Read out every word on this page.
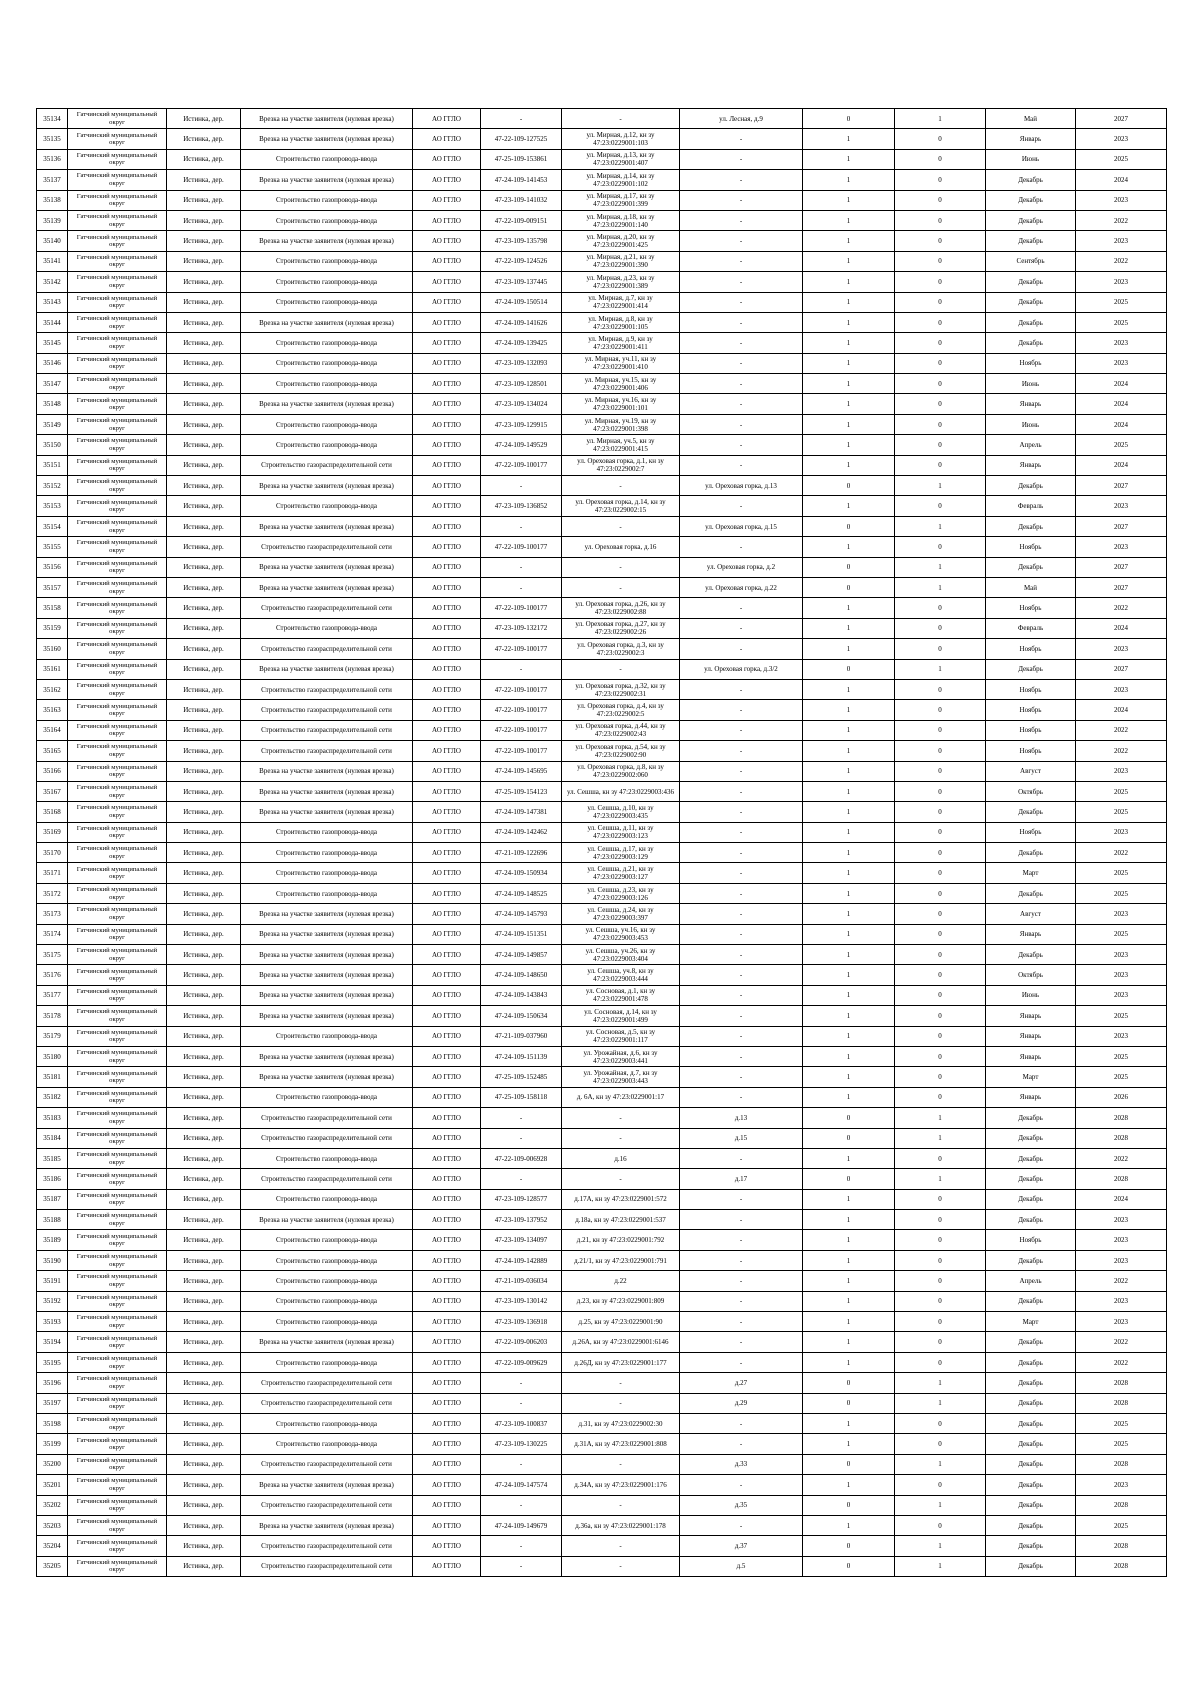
35134	Гатчинский муниципальный округ	Истинка, дер.	Врезка на участке заявителя (нулевая врезка)	АО ГГЛО	-	-	ул. Лесная, д.9	0	1	Май	2027
35135	Гатчинский муниципальный округ	Истинка, дер.	Врезка на участке заявителя (нулевая врезка)	АО ГГЛО	47-22-109-127525	ул. Мирная, д.12, кн зу 47:23:0229001:103	-	1	0	Январь	2023
35136	Гатчинский муниципальный округ	Истинка, дер.	Строительство газопровода-ввода	АО ГГЛО	47-25-109-153861	ул. Мирная, д.13, кн зу 47:23:0229001:407	-	1	0	Июнь	2025
35137	Гатчинский муниципальный округ	Истинка, дер.	Врезка на участке заявителя (нулевая врезка)	АО ГГЛО	47-24-109-141453	ул. Мирная, д.14, кн зу 47:23:0229001:102	-	1	0	Декабрь	2024
35138	Гатчинский муниципальный округ	Истинка, дер.	Строительство газопровода-ввода	АО ГГЛО	47-23-109-141032	ул. Мирная, д.17, кн зу 47:23:0229001:399	-	1	0	Декабрь	2023
35139	Гатчинский муниципальный округ	Истинка, дер.	Строительство газопровода-ввода	АО ГГЛО	47-22-109-009151	ул. Мирная, д.18, кн зу 47:23:0229001:140	-	1	0	Декабрь	2022
35140	Гатчинский муниципальный округ	Истинка, дер.	Врезка на участке заявителя (нулевая врезка)	АО ГГЛО	47-23-109-135798	ул. Мирная, д.20, кн зу 47:23:0229001:425	-	1	0	Декабрь	2023
35141	Гатчинский муниципальный округ	Истинка, дер.	Строительство газопровода-ввода	АО ГГЛО	47-22-109-124526	ул. Мирная, д.21, кн зу 47:23:0229001:390	-	1	0	Сентябрь	2022
35142	Гатчинский муниципальный округ	Истинка, дер.	Строительство газопровода-ввода	АО ГГЛО	47-23-109-137445	ул. Мирная, д.23, кн зу 47:23:0229001:389	-	1	0	Декабрь	2023
35143	Гатчинский муниципальный округ	Истинка, дер.	Строительство газопровода-ввода	АО ГГЛО	47-24-109-150514	ул. Мирная, д.7, кн зу 47:23:0229001:414	-	1	0	Декабрь	2025
35144	Гатчинский муниципальный округ	Истинка, дер.	Врезка на участке заявителя (нулевая врезка)	АО ГГЛО	47-24-109-141626	ул. Мирная, д.8, кн зу 47:23:0229001:105	-	1	0	Декабрь	2025
35145	Гатчинский муниципальный округ	Истинка, дер.	Строительство газопровода-ввода	АО ГГЛО	47-24-109-139425	ул. Мирная, д.9, кн зу 47:23:0229001:411	-	1	0	Декабрь	2023
35146	Гатчинский муниципальный округ	Истинка, дер.	Строительство газопровода-ввода	АО ГГЛО	47-23-109-132093	ул. Мирная, уч.11, кн зу 47:23:0229001:410	-	1	0	Ноябрь	2023
35147	Гатчинский муниципальный округ	Истинка, дер.	Строительство газопровода-ввода	АО ГГЛО	47-23-109-128501	ул. Мирная, уч.15, кн зу 47:23:0229001:406	-	1	0	Июнь	2024
35148	Гатчинский муниципальный округ	Истинка, дер.	Врезка на участке заявителя (нулевая врезка)	АО ГГЛО	47-23-109-134024	ул. Мирная, уч.16, кн зу 47:23:0229001:101	-	1	0	Январь	2024
35149	Гатчинский муниципальный округ	Истинка, дер.	Строительство газопровода-ввода	АО ГГЛО	47-23-109-129915	ул. Мирная, уч.19, кн зу 47:23:0229001:398	-	1	0	Июнь	2024
35150	Гатчинский муниципальный округ	Истинка, дер.	Строительство газопровода-ввода	АО ГГЛО	47-24-109-149529	ул. Мирная, уч.5, кн зу 47:23:0229001:415	-	1	0	Апрель	2025
35151	Гатчинский муниципальный округ	Истинка, дер.	Строительство газораспределительной сети	АО ГГЛО	47-22-109-100177	ул. Ореховая горка, д.1, кн зу 47:23:0229002:7	-	1	0	Январь	2024
35152	Гатчинский муниципальный округ	Истинка, дер.	Врезка на участке заявителя (нулевая врезка)	АО ГГЛО	-	-	ул. Ореховая горка, д.13	0	1	Декабрь	2027
35153	Гатчинский муниципальный округ	Истинка, дер.	Строительство газопровода-ввода	АО ГГЛО	47-23-109-136852	ул. Ореховая горка, д.14, кн зу 47:23:0229002:15	-	1	0	Февраль	2023
35154	Гатчинский муниципальный округ	Истинка, дер.	Врезка на участке заявителя (нулевая врезка)	АО ГГЛО	-	-	ул. Ореховая горка, д.15	0	1	Декабрь	2027
35155	Гатчинский муниципальный округ	Истинка, дер.	Строительство газораспределительной сети	АО ГГЛО	47-22-109-100177	ул. Ореховая горка, д.16	-	1	0	Ноябрь	2023
35156	Гатчинский муниципальный округ	Истинка, дер.	Врезка на участке заявителя (нулевая врезка)	АО ГГЛО	-	-	ул. Ореховая горка, д.2	0	1	Декабрь	2027
35157	Гатчинский муниципальный округ	Истинка, дер.	Врезка на участке заявителя (нулевая врезка)	АО ГГЛО	-	-	ул. Ореховая горка, д.22	0	1	Май	2027
35158	Гатчинский муниципальный округ	Истинка, дер.	Строительство газораспределительной сети	АО ГГЛО	47-22-109-100177	ул. Ореховая горка, д.26, кн зу 47:23:0229002:88	-	1	0	Ноябрь	2022
35159	Гатчинский муниципальный округ	Истинка, дер.	Строительство газопровода-ввода	АО ГГЛО	47-23-109-132172	ул. Ореховая горка, д.27, кн зу 47:23:0229002:26	-	1	0	Февраль	2024
35160	Гатчинский муниципальный округ	Истинка, дер.	Строительство газораспределительной сети	АО ГГЛО	47-22-109-100177	ул. Ореховая горка, д.3, кн зу 47:23:0229002:3	-	1	0	Ноябрь	2023
35161	Гатчинский муниципальный округ	Истинка, дер.	Врезка на участке заявителя (нулевая врезка)	АО ГГЛО	-	-	ул. Ореховая горка, д.3/2	0	1	Декабрь	2027
35162	Гатчинский муниципальный округ	Истинка, дер.	Строительство газораспределительной сети	АО ГГЛО	47-22-109-100177	ул. Ореховая горка, д.32, кн зу 47:23:0229002:31	-	1	0	Ноябрь	2023
35163	Гатчинский муниципальный округ	Истинка, дер.	Строительство газораспределительной сети	АО ГГЛО	47-22-109-100177	ул. Ореховая горка, д.4, кн зу 47:23:0229002:5	-	1	0	Ноябрь	2024
35164	Гатчинский муниципальный округ	Истинка, дер.	Строительство газораспределительной сети	АО ГГЛО	47-22-109-100177	ул. Ореховая горка, д.44, кн зу 47:23:0229002:43	-	1	0	Ноябрь	2022
35165	Гатчинский муниципальный округ	Истинка, дер.	Строительство газораспределительной сети	АО ГГЛО	47-22-109-100177	ул. Ореховая горка, д.54, кн зу 47:23:0229002:90	-	1	0	Ноябрь	2022
35166	Гатчинский муниципальный округ	Истинка, дер.	Врезка на участке заявителя (нулевая врезка)	АО ГГЛО	47-24-109-145695	ул. Ореховая горка, д.8, кн зу 47:23:0229002:060	-	1	0	Август	2023
35167	Гатчинский муниципальный округ	Истинка, дер.	Врезка на участке заявителя (нулевая врезка)	АО ГГЛО	47-25-109-154123	ул. Сешша, кн зу 47:23:0229003:436	-	1	0	Октябрь	2025
35168	Гатчинский муниципальный округ	Истинка, дер.	Врезка на участке заявителя (нулевая врезка)	АО ГГЛО	47-24-109-147381	ул. Сешша, д.10, кн зу 47:23:0229003:435	-	1	0	Декабрь	2025
35169	Гатчинский муниципальный округ	Истинка, дер.	Строительство газопровода-ввода	АО ГГЛО	47-24-109-142462	ул. Сешша, д.11, кн зу 47:23:0229003:123	-	1	0	Ноябрь	2023
35170	Гатчинский муниципальный округ	Истинка, дер.	Строительство газопровода-ввода	АО ГГЛО	47-21-109-122696	ул. Сешша, д.17, кн зу 47:23:0229003:129	-	1	0	Декабрь	2022
35171	Гатчинский муниципальный округ	Истинка, дер.	Строительство газопровода-ввода	АО ГГЛО	47-24-109-150934	ул. Сешша, д.21, кн зу 47:23:0229003:127	-	1	0	Март	2025
35172	Гатчинский муниципальный округ	Истинка, дер.	Строительство газопровода-ввода	АО ГГЛО	47-24-109-148525	ул. Сешша, д.23, кн зу 47:23:0229003:126	-	1	0	Декабрь	2025
35173	Гатчинский муниципальный округ	Истинка, дер.	Врезка на участке заявителя (нулевая врезка)	АО ГГЛО	47-24-109-145793	ул. Сешша, д.24, кн зу 47:23:0229003:397	-	1	0	Август	2023
35174	Гатчинский муниципальный округ	Истинка, дер.	Врезка на участке заявителя (нулевая врезка)	АО ГГЛО	47-24-109-151351	ул. Сешша, уч.16, кн зу 47:23:0229003:453	-	1	0	Январь	2025
35175	Гатчинский муниципальный округ	Истинка, дер.	Врезка на участке заявителя (нулевая врезка)	АО ГГЛО	47-24-109-149857	ул. Сешша, уч.26, кн зу 47:23:0229003:404	-	1	0	Декабрь	2023
35176	Гатчинский муниципальный округ	Истинка, дер.	Врезка на участке заявителя (нулевая врезка)	АО ГГЛО	47-24-109-148650	ул. Сешша, уч.8, кн зу 47:23:0229003:444	-	1	0	Октябрь	2023
35177	Гатчинский муниципальный округ	Истинка, дер.	Врезка на участке заявителя (нулевая врезка)	АО ГГЛО	47-24-109-143843	ул. Сосновая, д.1, кн зу 47:23:0229001:478	-	1	0	Июнь	2023
35178	Гатчинский муниципальный округ	Истинка, дер.	Врезка на участке заявителя (нулевая врезка)	АО ГГЛО	47-24-109-150634	ул. Сосновая, д.14, кн зу 47:23:0229001:499	-	1	0	Январь	2025
35179	Гатчинский муниципальный округ	Истинка, дер.	Строительство газопровода-ввода	АО ГГЛО	47-21-109-037960	ул. Сосновая, д.5, кн зу 47:23:0229001:117	-	1	0	Январь	2023
35180	Гатчинский муниципальный округ	Истинка, дер.	Врезка на участке заявителя (нулевая врезка)	АО ГГЛО	47-24-109-151139	ул. Урожайная, д.6, кн зу 47:23:0229003:441	-	1	0	Январь	2025
35181	Гатчинский муниципальный округ	Истинка, дер.	Врезка на участке заявителя (нулевая врезка)	АО ГГЛО	47-25-109-152485	ул. Урожайная, д.7, кн зу 47:23:0229003:443	-	1	0	Март	2025
35182	Гатчинский муниципальный округ	Истинка, дер.	Строительство газопровода-ввода	АО ГГЛО	47-25-109-158118	д. 6А, кн зу 47:23:0229001:17	-	1	0	Январь	2026
35183	Гатчинский муниципальный округ	Истинка, дер.	Строительство газораспределительной сети	АО ГГЛО	-	-	д.13	0	1	Декабрь	2028
35184	Гатчинский муниципальный округ	Истинка, дер.	Строительство газораспределительной сети	АО ГГЛО	-	-	д.15	0	1	Декабрь	2028
35185	Гатчинский муниципальный округ	Истинка, дер.	Строительство газопровода-ввода	АО ГГЛО	47-22-109-006928	д.16	-	1	0	Декабрь	2022
35186	Гатчинский муниципальный округ	Истинка, дер.	Строительство газораспределительной сети	АО ГГЛО	-	-	д.17	0	1	Декабрь	2028
35187	Гатчинский муниципальный округ	Истинка, дер.	Строительство газопровода-ввода	АО ГГЛО	47-23-109-128577	д.17А, кн зу 47:23:0229001:572	-	1	0	Декабрь	2024
35188	Гатчинский муниципальный округ	Истинка, дер.	Врезка на участке заявителя (нулевая врезка)	АО ГГЛО	47-23-109-137952	д.18а, кн зу 47:23:0229001:537	-	1	0	Декабрь	2023
35189	Гатчинский муниципальный округ	Истинка, дер.	Строительство газопровода-ввода	АО ГГЛО	47-23-109-134097	д.21, кн зу 47:23:0229001:792	-	1	0	Ноябрь	2023
35190	Гатчинский муниципальный округ	Истинка, дер.	Строительство газопровода-ввода	АО ГГЛО	47-24-109-142889	д.21/1, кн зу 47:23:0229001:791	-	1	0	Декабрь	2023
35191	Гатчинский муниципальный округ	Истинка, дер.	Строительство газопровода-ввода	АО ГГЛО	47-21-109-036034	д.22	-	1	0	Апрель	2022
35192	Гатчинский муниципальный округ	Истинка, дер.	Строительство газопровода-ввода	АО ГГЛО	47-23-109-130142	д.23, кн зу 47:23:0229001:809	-	1	0	Декабрь	2023
35193	Гатчинский муниципальный округ	Истинка, дер.	Строительство газопровода-ввода	АО ГГЛО	47-23-109-136918	д.25, кн зу 47:23:0229001:90	-	1	0	Март	2023
35194	Гатчинский муниципальный округ	Истинка, дер.	Врезка на участке заявителя (нулевая врезка)	АО ГГЛО	47-22-109-006203	д.26А, кн зу 47:23:0229001:6146	-	1	0	Декабрь	2022
35195	Гатчинский муниципальный округ	Истинка, дер.	Строительство газопровода-ввода	АО ГГЛО	47-22-109-009629	д.26Д, кн зу 47:23:0229001:177	-	1	0	Декабрь	2022
35196	Гатчинский муниципальный округ	Истинка, дер.	Строительство газораспределительной сети	АО ГГЛО	-	-	д.27	0	1	Декабрь	2028
35197	Гатчинский муниципальный округ	Истинка, дер.	Строительство газораспределительной сети	АО ГГЛО	-	-	д.29	0	1	Декабрь	2028
35198	Гатчинский муниципальный округ	Истинка, дер.	Строительство газопровода-ввода	АО ГГЛО	47-23-109-100837	д.31, кн зу 47:23:0229002:30	-	1	0	Декабрь	2025
35199	Гатчинский муниципальный округ	Истинка, дер.	Строительство газопровода-ввода	АО ГГЛО	47-23-109-130225	д.31А, кн зу 47:23:0229001:808	-	1	0	Декабрь	2025
35200	Гатчинский муниципальный округ	Истинка, дер.	Строительство газораспределительной сети	АО ГГЛО	-	-	д.33	0	1	Декабрь	2028
35201	Гатчинский муниципальный округ	Истинка, дер.	Врезка на участке заявителя (нулевая врезка)	АО ГГЛО	47-24-109-147574	д.34А, кн зу 47:23:0229001:176	-	1	0	Декабрь	2023
35202	Гатчинский муниципальный округ	Истинка, дер.	Строительство газораспределительной сети	АО ГГЛО	-	-	д.35	0	1	Декабрь	2028
35203	Гатчинский муниципальный округ	Истинка, дер.	Врезка на участке заявителя (нулевая врезка)	АО ГГЛО	47-24-109-149679	д.36а, кн зу 47:23:0229001:178	-	1	0	Декабрь	2025
35204	Гатчинский муниципальный округ	Истинка, дер.	Строительство газораспределительной сети	АО ГГЛО	-	-	д.37	0	1	Декабрь	2028
35205	Гатчинский муниципальный округ	Истинка, дер.	Строительство газораспределительной сети	АО ГГЛО	-	-	д.5	0	1	Декабрь	2028
